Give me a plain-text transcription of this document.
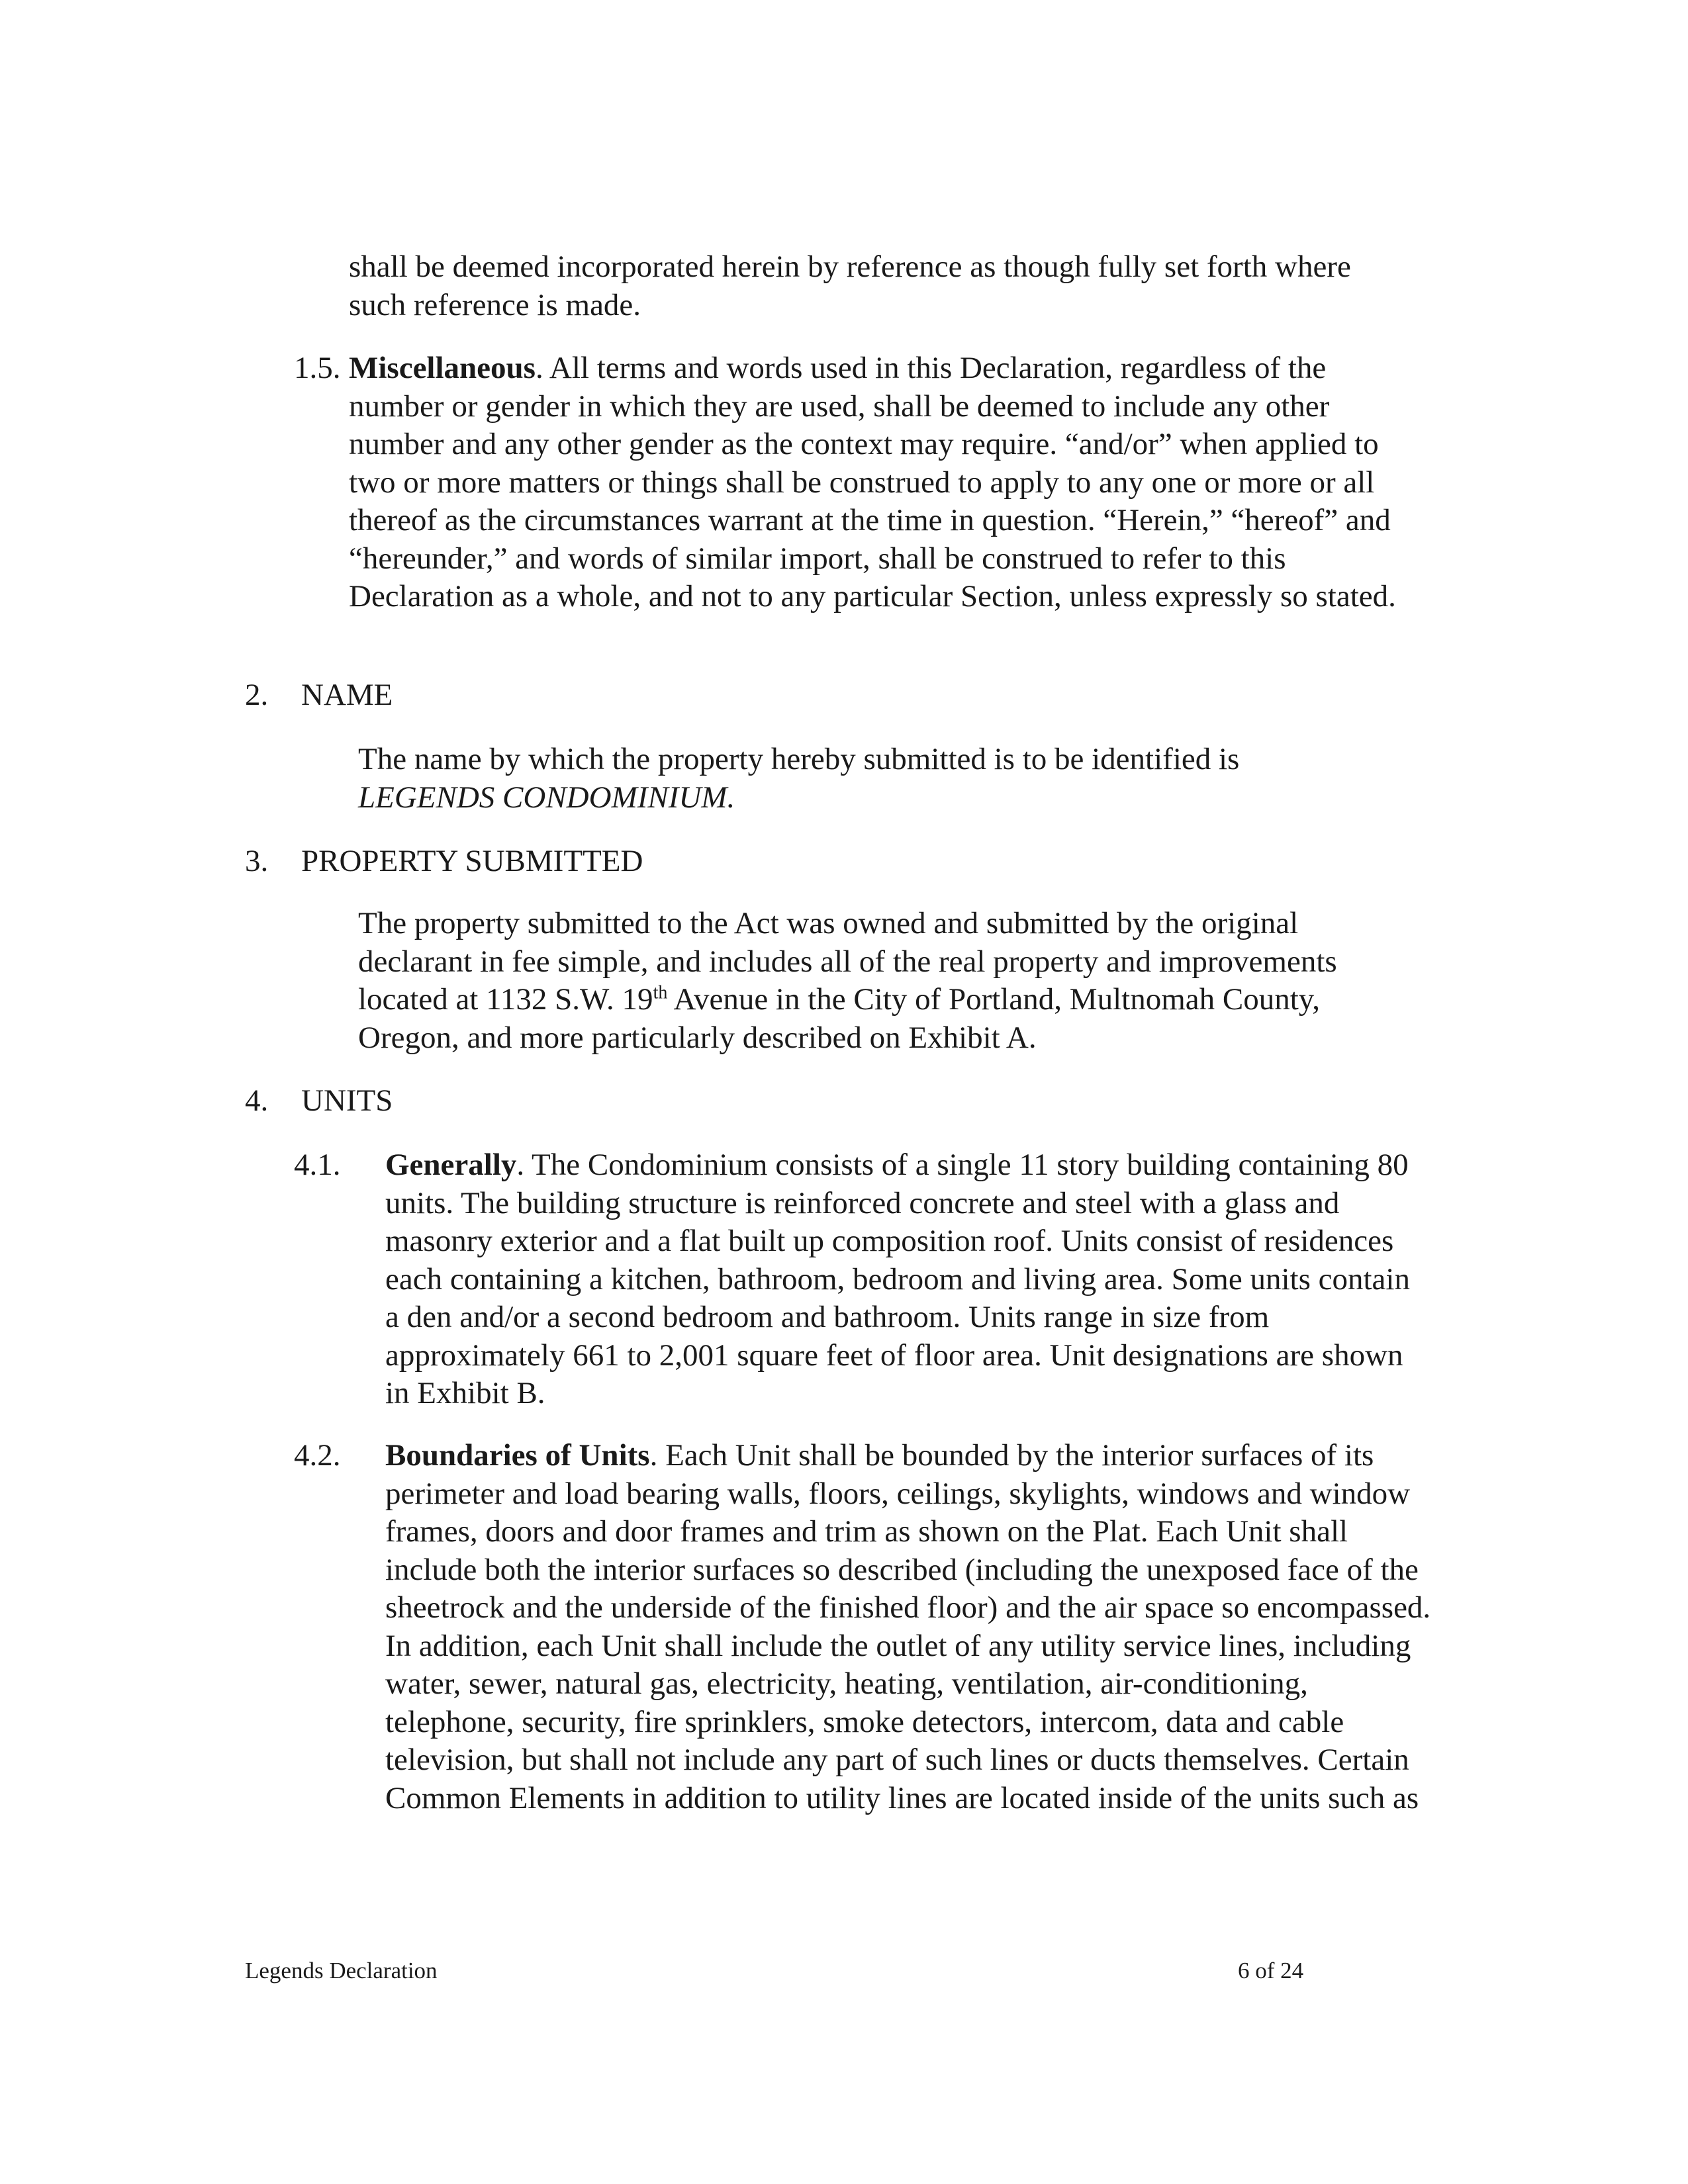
shall be deemed incorporated herein by reference as though fully set forth where such reference is made.

1.5. Miscellaneous. All terms and words used in this Declaration, regardless of the number or gender in which they are used, shall be deemed to include any other number and any other gender as the context may require. “and/or” when applied to two or more matters or things shall be construed to apply to any one or more or all thereof as the circumstances warrant at the time in question. “Herein,” “hereof” and “hereunder,” and words of similar import, shall be construed to refer to this Declaration as a whole, and not to any particular Section, unless expressly so stated.

2. NAME

The name by which the property hereby submitted is to be identified is
LEGENDS CONDOMINIUM.

3. PROPERTY SUBMITTED

The property submitted to the Act was owned and submitted by the original declarant in fee simple, and includes all of the real property and improvements located at 1132 S.W. 19th Avenue in the City of Portland, Multnomah County, Oregon, and more particularly described on Exhibit A.

4. UNITS
4.1. Generally. The Condominium consists of a single 11 story building containing 80 units. The building structure is reinforced concrete and steel with a glass and masonry exterior and a flat built up composition roof. Units consist of residences each containing a kitchen, bathroom, bedroom and living area. Some units contain a den and/or a second bedroom and bathroom. Units range in size from approximately 661 to 2,001 square feet of floor area. Unit designations are shown in Exhibit B.

4.2. Boundaries of Units. Each Unit shall be bounded by the interior surfaces of its perimeter and load bearing walls, floors, ceilings, skylights, windows and window frames, doors and door frames and trim as shown on the Plat. Each Unit shall include both the interior surfaces so described (including the unexposed face of the sheetrock and the underside of the finished floor) and the air space so encompassed. In addition, each Unit shall include the outlet of any utility service lines, including water, sewer, natural gas, electricity, heating, ventilation, air-conditioning, telephone, security, fire sprinklers, smoke detectors, intercom, data and cable television, but shall not include any part of such lines or ducts themselves. Certain Common Elements in addition to utility lines are located inside of the units such as

Legends Declaration	6 of 24
